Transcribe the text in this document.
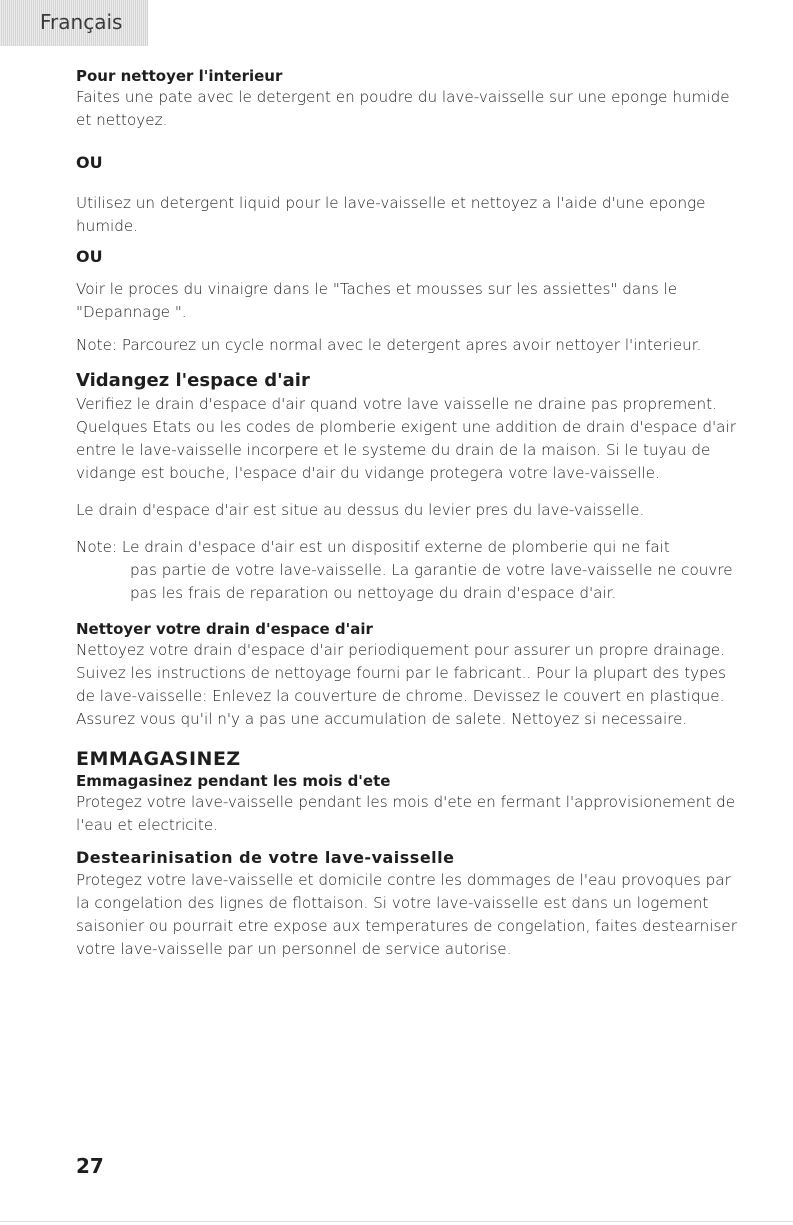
Français
Pour nettoyer l'interieur

Faites une pate avec le detergent en poudre du lave-vaisselle sur une eponge humide et nettoyez.

OU

Utilisez un detergent liquid pour le lave-vaisselle et nettoyez a l'aide d'une eponge humide.

OU

Voir le proces du vinaigre dans le "Taches et mousses sur les assiettes" dans le "Depannage ".

Note: Parcourez un cycle normal avec le detergent apres avoir nettoyer l'interieur.

Vidangez l'espace d'air

Verifiez le drain d'espace d'air quand votre lave vaisselle ne draine pas proprement. Quelques Etats ou les codes de plomberie exigent une addition de drain d'espace d'air entre le lave-vaisselle incorpere et le systeme du drain de la maison. Si le tuyau de vidange est bouche, l'espace d'air du vidange protegera votre lave-vaisselle.

Le drain d'espace d'air est situe au dessus du levier pres du lave-vaisselle.

Note: Le drain d'espace d'air est un dispositif externe de plomberie qui ne fait

pas partie de votre lave-vaisselle. La garantie de votre lave-vaisselle ne couvre pas les frais de reparation ou nettoyage du drain d'espace d'air.

Nettoyer votre drain d'espace d'air

Nettoyez votre drain d'espace d'air periodiquement pour assurer un propre drainage. Suivez les instructions de nettoyage fourni par le fabricant.. Pour la plupart des types de lave-vaisselle: Enlevez la couverture de chrome. Devissez le couvert en plastique. Assurez vous qu'il n'y a pas une accumulation de salete. Nettoyez si necessaire.

EMMAGASINEZ
Emmagasinez pendant les mois d'ete

Protegez votre lave-vaisselle pendant les mois d'ete en fermant l'approvisionement de l'eau et electricite.

Destearinisation de votre lave-vaisselle

Protegez votre lave-vaisselle et domicile contre les dommages de l'eau provoques par la congelation des lignes de flottaison. Si votre lave-vaisselle est dans un logement saisonier ou pourrait etre expose aux temperatures de congelation, faites destearniser votre lave-vaisselle par un personnel de service autorise.

27
